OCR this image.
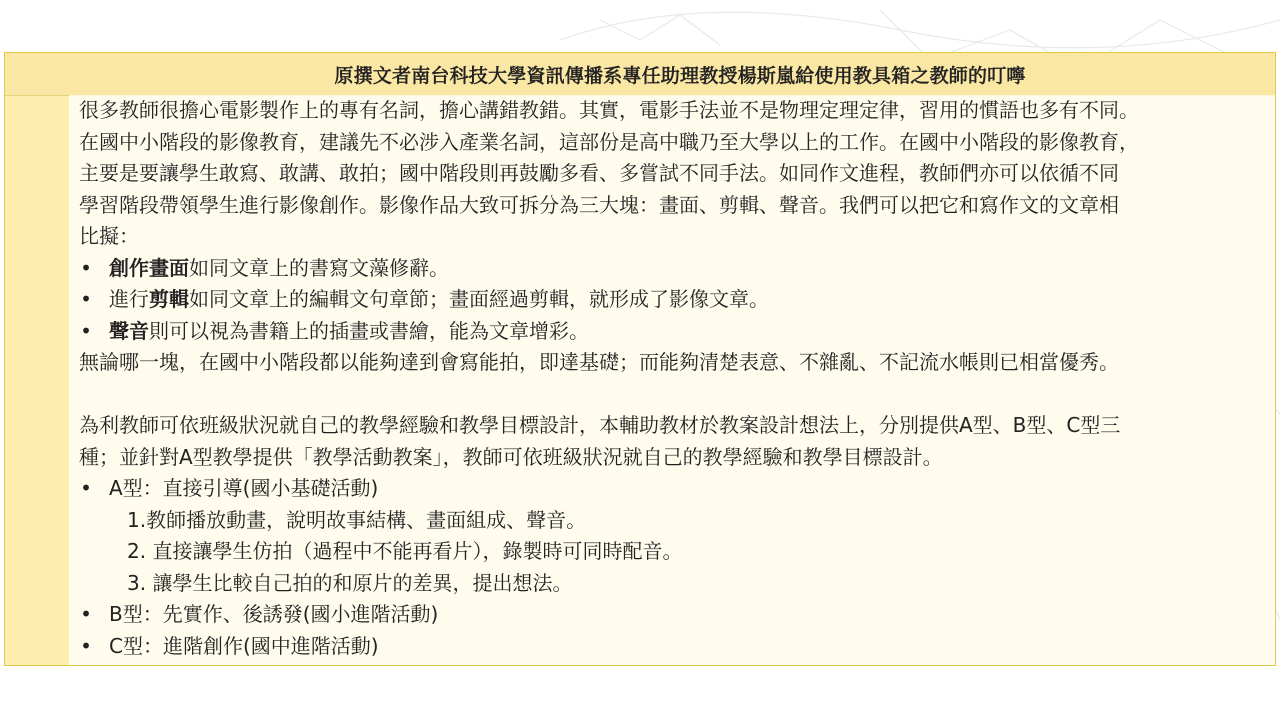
原撰文者南台科技大學資訊傳播系專任助理教授楊斯嵐給使用教具箱之教師的叮嚀
很多教師很擔心電影製作上的專有名詞，擔心講錯教錯。其實，電影手法並不是物理定理定律，習用的慣語也多有不同。
在國中小階段的影像教育，建議先不必涉入產業名詞，這部份是高中職乃至大學以上的工作。在國中小階段的影像教育，
主要是要讓學生敢寫、敢講、敢拍；國中階段則再鼓勵多看、多嘗試不同手法。如同作文進程，教師們亦可以依循不同
學習階段帶領學生進行影像創作。影像作品大致可拆分為三大塊：畫面、剪輯、聲音。我們可以把它和寫作文的文章相
比擬：
• 創作畫面如同文章上的書寫文藻修辭。
• 進行剪輯如同文章上的編輯文句章節；畫面經過剪輯，就形成了影像文章。
• 聲音則可以視為書籍上的插畫或書繪，能為文章增彩。
無論哪一塊，在國中小階段都以能夠達到會寫能拍，即達基礎；而能夠清楚表意、不雜亂、不記流水帳則已相當優秀。
為利教師可依班級狀況就自己的教學經驗和教學目標設計，本輔助教材於教案設計想法上，分別提供A型、B型、C型三
種；並針對A型教學提供「教學活動教案」，教師可依班級狀況就自己的教學經驗和教學目標設計。
• A型：直接引導(國小基礎活動)
1.教師播放動畫，說明故事結構、畫面組成、聲音。
2. 直接讓學生仿拍（過程中不能再看片），錄製時可同時配音。
3. 讓學生比較自己拍的和原片的差異，提出想法。
• B型：先實作、後誘發(國小進階活動)
• C型：進階創作(國中進階活動)
